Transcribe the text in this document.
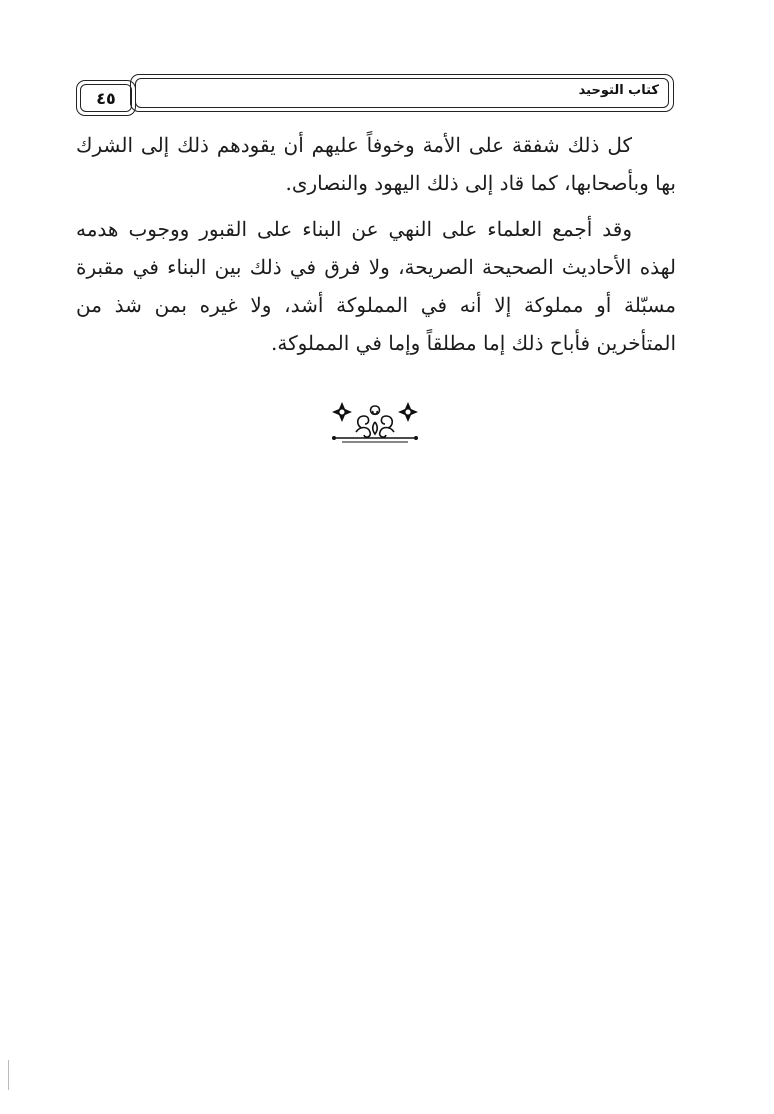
كتاب التوحيد
٤٥

كل ذلك شفقة على الأمة وخوفاً عليهم أن يقودهم ذلك إلى الشرك بها وبأصحابها، كما قاد إلى ذلك اليهود والنصارى.

وقد أجمع العلماء على النهي عن البناء على القبور ووجوب هدمه لهذه الأحاديث الصحيحة الصريحة، ولا فرق في ذلك بين البناء في مقبرة مسبّلة أو مملوكة إلا أنه في المملوكة أشد، ولا غيره بمن شذ من المتأخرين فأباح ذلك إما مطلقاً وإما في المملوكة.
